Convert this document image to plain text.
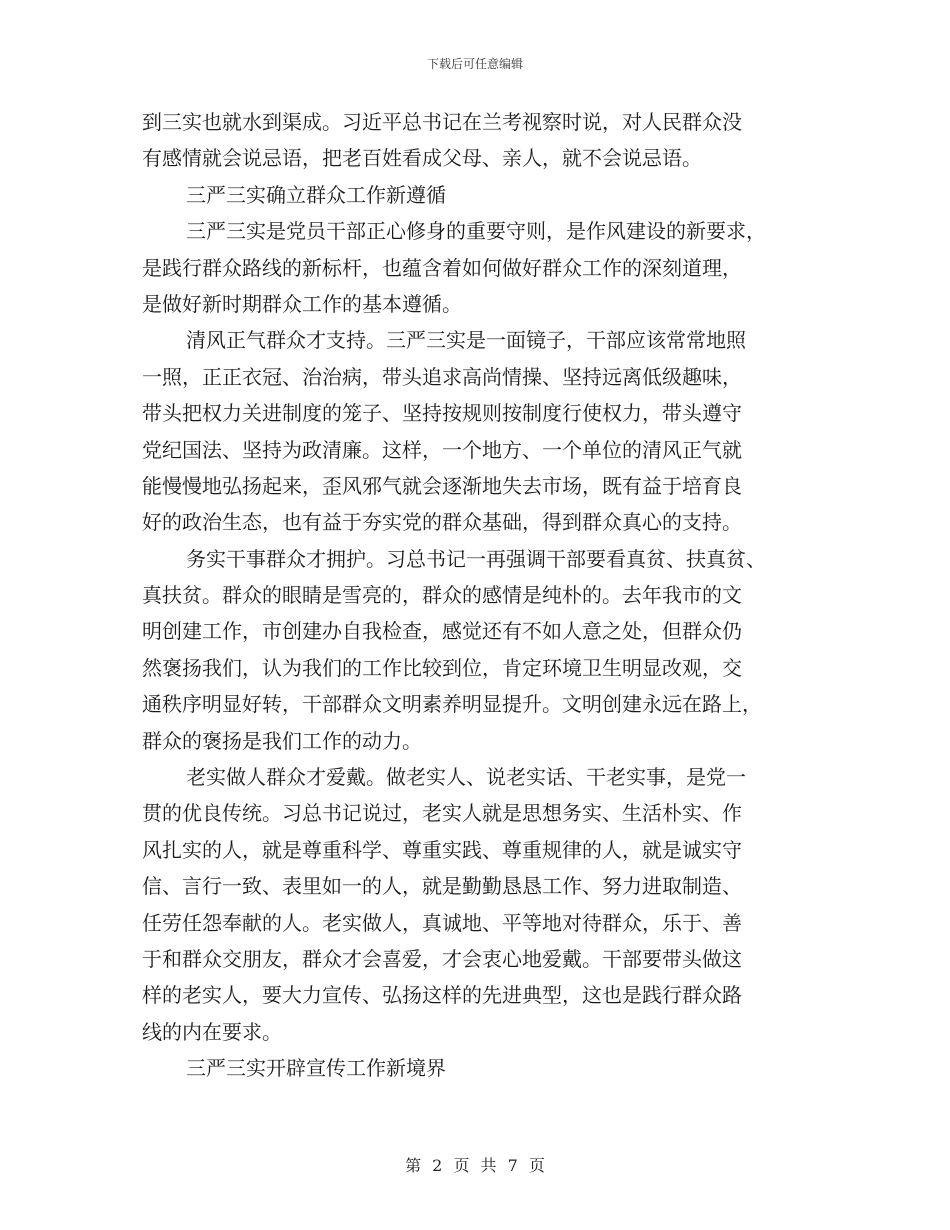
下载后可任意编辑
到三实也就水到渠成。习近平总书记在兰考视察时说，对人民群众没
有感情就会说忌语，把老百姓看成父母、亲人，就不会说忌语。
三严三实确立群众工作新遵循
三严三实是党员干部正心修身的重要守则，是作风建设的新要求，
是践行群众路线的新标杆，也蕴含着如何做好群众工作的深刻道理，
是做好新时期群众工作的基本遵循。
清风正气群众才支持。三严三实是一面镜子，干部应该常常地照
一照，正正衣冠、治治病，带头追求高尚情操、坚持远离低级趣味，
带头把权力关进制度的笼子、坚持按规则按制度行使权力，带头遵守
党纪国法、坚持为政清廉。这样，一个地方、一个单位的清风正气就
能慢慢地弘扬起来，歪风邪气就会逐渐地失去市场，既有益于培育良
好的政治生态，也有益于夯实党的群众基础，得到群众真心的支持。
务实干事群众才拥护。习总书记一再强调干部要看真贫、扶真贫、
真扶贫。群众的眼睛是雪亮的，群众的感情是纯朴的。去年我市的文
明创建工作，市创建办自我检查，感觉还有不如人意之处，但群众仍
然褒扬我们，认为我们的工作比较到位，肯定环境卫生明显改观，交
通秩序明显好转，干部群众文明素养明显提升。文明创建永远在路上，
群众的褒扬是我们工作的动力。
老实做人群众才爱戴。做老实人、说老实话、干老实事，是党一
贯的优良传统。习总书记说过，老实人就是思想务实、生活朴实、作
风扎实的人，就是尊重科学、尊重实践、尊重规律的人，就是诚实守
信、言行一致、表里如一的人，就是勤勤恳恳工作、努力进取制造、
任劳任怨奉献的人。老实做人，真诚地、平等地对待群众，乐于、善
于和群众交朋友，群众才会喜爱，才会衷心地爱戴。干部要带头做这
样的老实人，要大力宣传、弘扬这样的先进典型，这也是践行群众路
线的内在要求。
三严三实开辟宣传工作新境界
第 2 页 共 7 页
